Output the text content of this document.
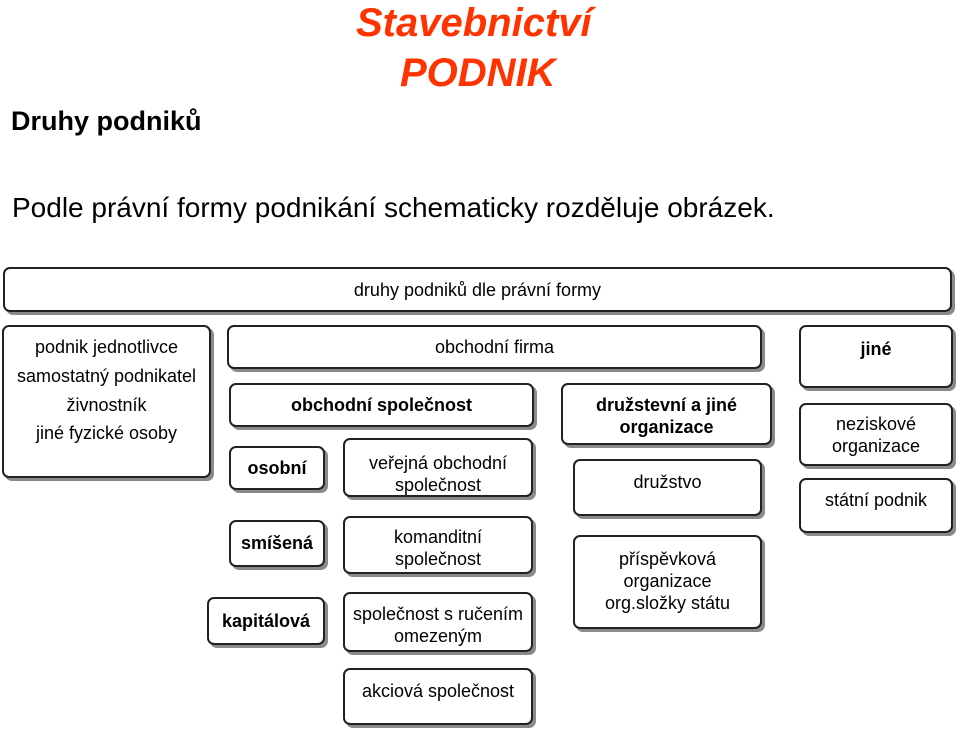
Stavebnictví
PODNIK
Druhy podniků
Podle právní formy podnikání schematicky rozděluje obrázek.
druhy podniků dle právní formy
podnik jednotlivce
samostatný podnikatel
živnostník
jiné fyzické osoby
obchodní firma
obchodní společnost
osobní	veřejná obchodní
společnost
smíšená	komanditní
společnost
kapitálová	společnost s ručením
omezeným
akciová společnost
družstevní a jiné
organizace
družstvo
příspěvková
organizace
org.složky státu
jiné
neziskové
organizace
státní podnik
